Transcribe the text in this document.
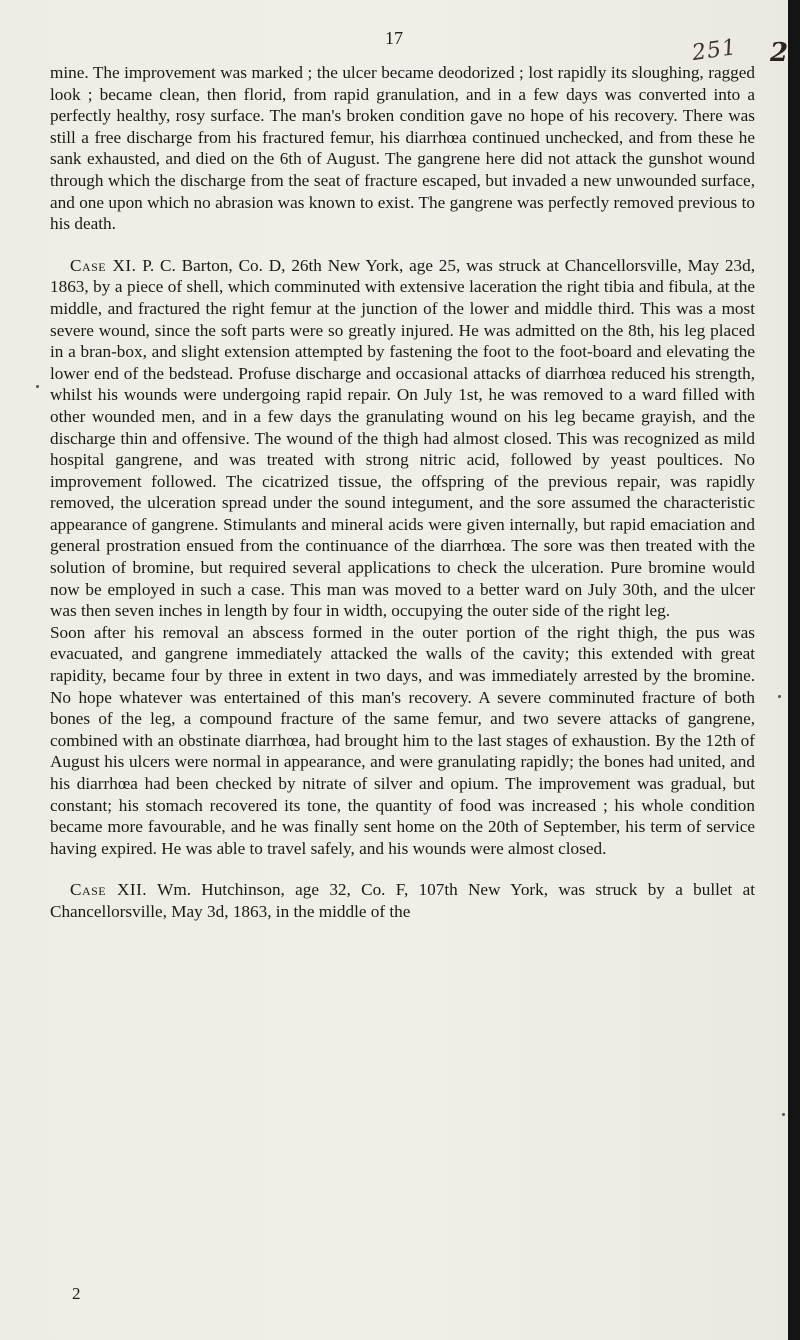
17	251 2

mine. The improvement was marked ; the ulcer became deodorized ; lost rapidly its sloughing, ragged look ; became clean, then florid, from rapid granulation, and in a few days was converted into a perfectly healthy, rosy surface. The man's broken condition gave no hope of his recovery. There was still a free discharge from his fractured femur, his diarrhœa continued unchecked, and from these he sank exhausted, and died on the 6th of August. The gangrene here did not attack the gunshot wound through which the discharge from the seat of fracture escaped, but invaded a new unwounded surface, and one upon which no abrasion was known to exist. The gangrene was perfectly removed previous to his death.

Case XI. P. C. Barton, Co. D, 26th New York, age 25, was struck at Chancellorsville, May 23d, 1863, by a piece of shell, which comminuted with extensive laceration the right tibia and fibula, at the middle, and fractured the right femur at the junction of the lower and middle third. This was a most severe wound, since the soft parts were so greatly injured. He was admitted on the 8th, his leg placed in a bran-box, and slight extension attempted by fastening the foot to the foot-board and elevating the lower end of the bedstead. Profuse discharge and occasional attacks of diarrhœa reduced his strength, whilst his wounds were undergoing rapid repair. On July 1st, he was removed to a ward filled with other wounded men, and in a few days the granulating wound on his leg became grayish, and the discharge thin and offensive. The wound of the thigh had almost closed. This was recognized as mild hospital gangrene, and was treated with strong nitric acid, followed by yeast poultices. No improvement followed. The cicatrized tissue, the offspring of the previous repair, was rapidly removed, the ulceration spread under the sound integument, and the sore assumed the characteristic appearance of gangrene. Stimulants and mineral acids were given internally, but rapid emaciation and general prostration ensued from the continuance of the diarrhœa. The sore was then treated with the solution of bromine, but required several applications to check the ulceration. Pure bromine would now be employed in such a case. This man was moved to a better ward on July 30th, and the ulcer was then seven inches in length by four in width, occupying the outer side of the right leg.

Soon after his removal an abscess formed in the outer portion of the right thigh, the pus was evacuated, and gangrene immediately attacked the walls of the cavity; this extended with great rapidity, became four by three in extent in two days, and was immediately arrested by the bromine. No hope whatever was entertained of this man's recovery. A severe comminuted fracture of both bones of the leg, a compound fracture of the same femur, and two severe attacks of gangrene, combined with an obstinate diarrhœa, had brought him to the last stages of exhaustion. By the 12th of August his ulcers were normal in appearance, and were granulating rapidly; the bones had united, and his diarrhœa had been checked by nitrate of silver and opium. The improvement was gradual, but constant; his stomach recovered its tone, the quantity of food was increased ; his whole condition became more favourable, and he was finally sent home on the 20th of September, his term of service having expired. He was able to travel safely, and his wounds were almost closed.

Case XII. Wm. Hutchinson, age 32, Co. F, 107th New York, was struck by a bullet at Chancellorsville, May 3d, 1863, in the middle of the

2
